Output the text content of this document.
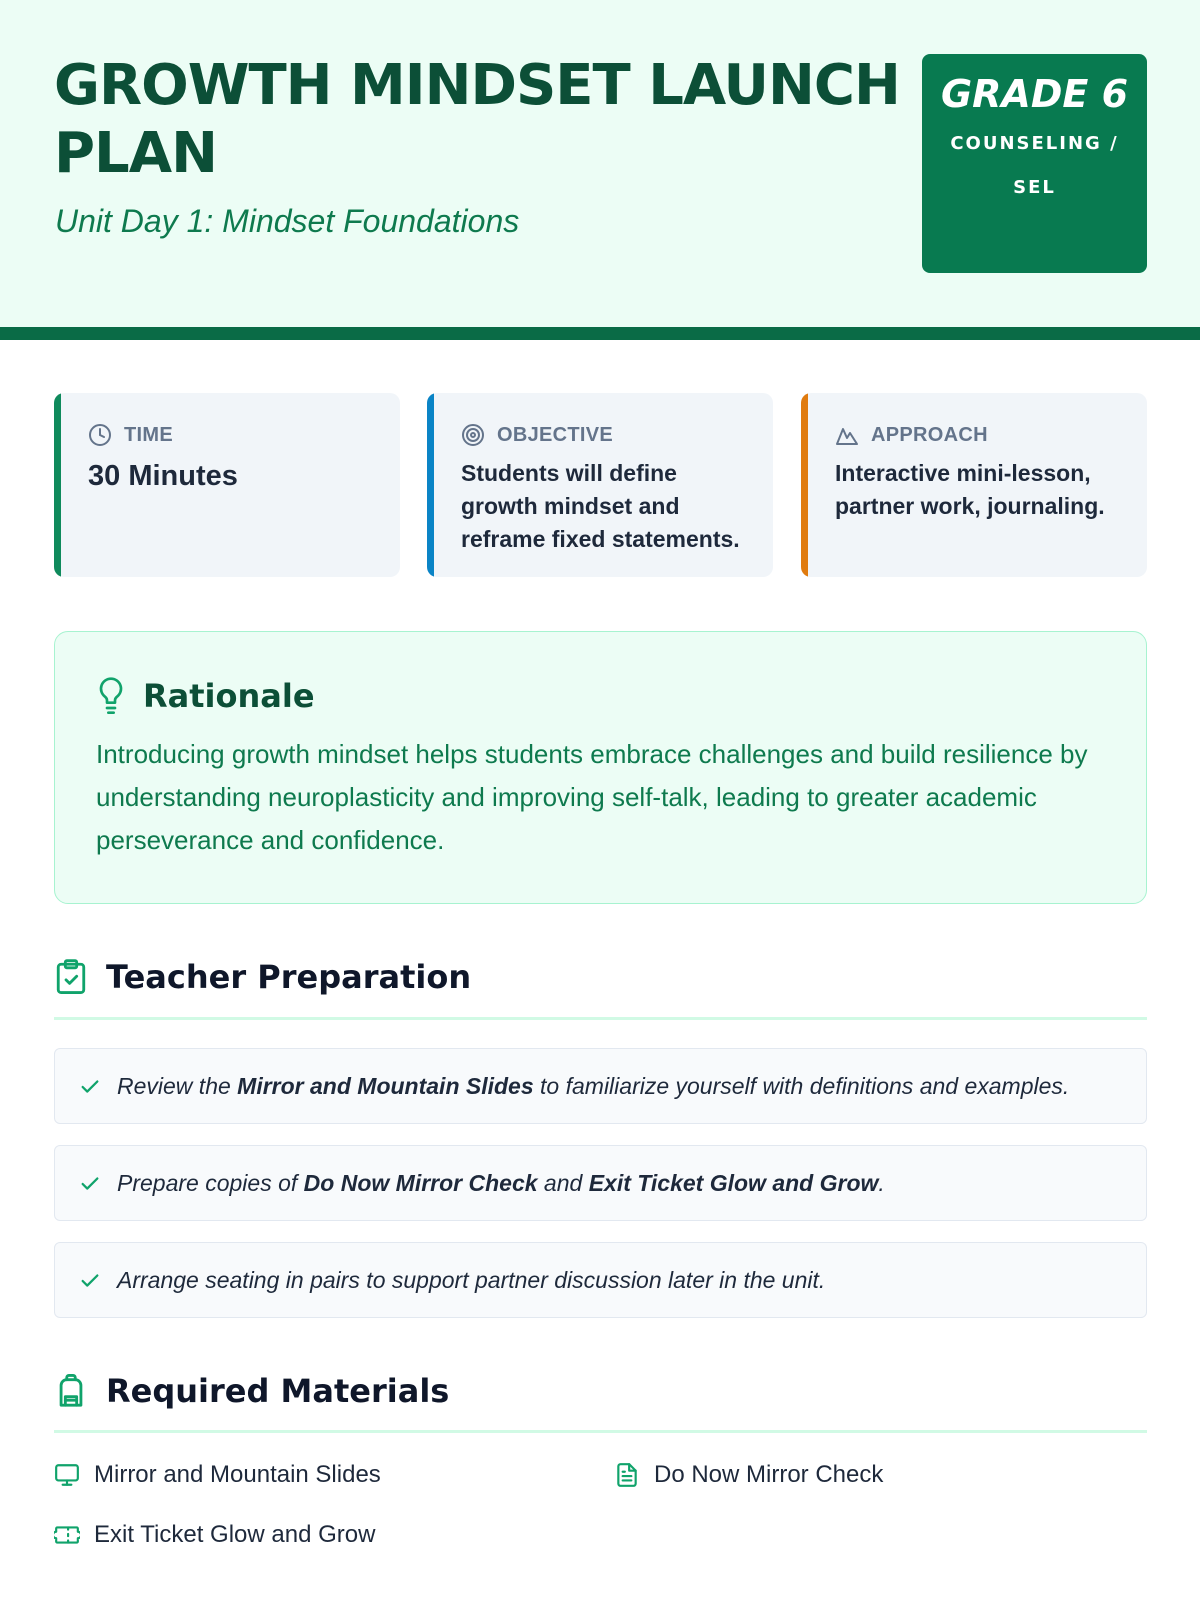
GROWTH MINDSET LAUNCH PLAN
Unit Day 1: Mindset Foundations
GRADE 6
COUNSELING / SEL
TIME
30 Minutes
OBJECTIVE
Students will define growth mindset and reframe fixed statements.
APPROACH
Interactive mini-lesson, partner work, journaling.
Rationale

Introducing growth mindset helps students embrace challenges and build resilience by understanding neuroplasticity and improving self-talk, leading to greater academic perseverance and confidence.

Teacher Preparation
Review the Mirror and Mountain Slides to familiarize yourself with definitions and examples.
Prepare copies of Do Now Mirror Check and Exit Ticket Glow and Grow.
Arrange seating in pairs to support partner discussion later in the unit.
Required Materials
Mirror and Mountain Slides	Do Now Mirror Check
Exit Ticket Glow and Grow
